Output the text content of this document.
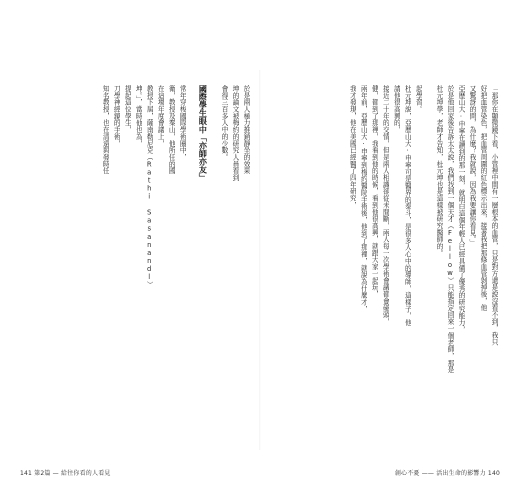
於是兩人極力推銷靜坐的效果
坤的論文被梅約的研究人員看到
會得三百多人中的少數。
國際學生眼中「亦師亦友」
常年穿梭國際學術圈中，
衛，教授及秦山，他所任的國
在這場年度會議上，
教授下屆，薩南勒尼克（Rathi Sasanandl）
坤。」，當時他也為，
提起這位學生，
刀學神經鏡的手術，
知名教授，也在清遠與發時任	「那你在顯微鏡下看，小管裡中間有一層根本的血管，只是對方還是說沒看不到，我只
好把血管染色，把血管周圍的紅色標示出來，接著我把那條血管剝掉後，他
又驚訝的問，為什麼？我就說，因為我要讓你看見。」
亞歷山大‧申寧在讀到的那一刻，就明白這個年輕人已經具備了優秀的研究能力，
於是他回家後告訴太太說，我們找到一個天才（Fellow）只能指定回來一個老師，那是
杜元坤學，老師才告知，杜元坤也是這樣被研究醫師的。
起學習。
杜元坤說，亞歷山大‧申寧可是醫界的泰斗，是很多人心中的導師，這樣子，他
請他很高興的，
接近二十年的交情，但是兩人相識卻從未間斷，兩人每一次學術會議都會碰頭，
健，都到了那裡，我看到他的時候，看到他很高興，就跟大家一起玩，
兩年前，亞歷山大‧申寧到梅約醫院手術後，他到了那裡，就說為什麼才，
我才發現，他在美國已經醫了四年研究，
141 第2篇 — 給往你看的人看見	創心不憂 —— 活出生命的影響力 140
